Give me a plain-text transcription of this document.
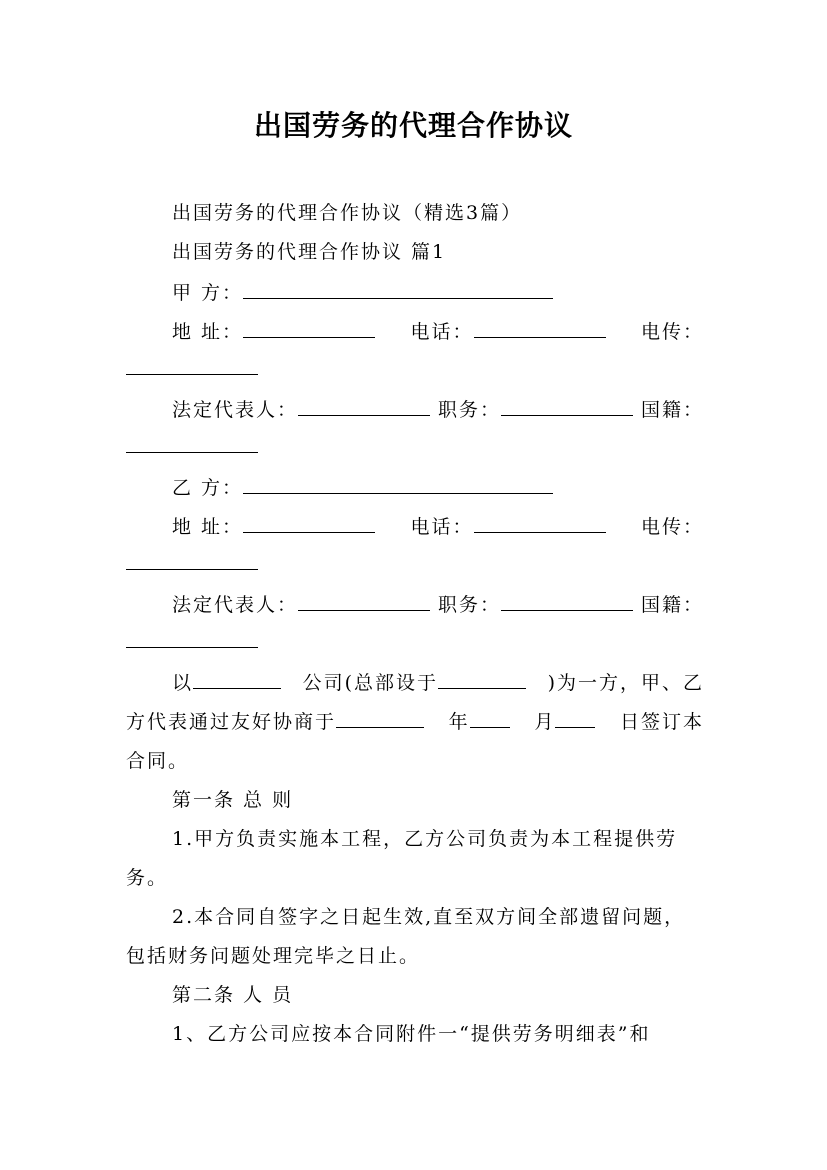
出国劳务的代理合作协议
出国劳务的代理合作协议（精选3篇）
出国劳务的代理合作协议 篇1
甲 方：
地 址：	电话：	电传：
法定代表人：	职务：	国籍：
乙 方：
地 址：	电话：	电传：
法定代表人：	职务：	国籍：
以	公司(总部设于	)为一方，甲、乙
方代表通过友好协商于	年	月	日签订本
合同。
第一条 总 则
1.甲方负责实施本工程，乙方公司负责为本工程提供劳
务。
2.本合同自签字之日起生效,直至双方间全部遗留问题，
包括财务问题处理完毕之日止。
第二条 人 员
1、乙方公司应按本合同附件一“提供劳务明细表”和
